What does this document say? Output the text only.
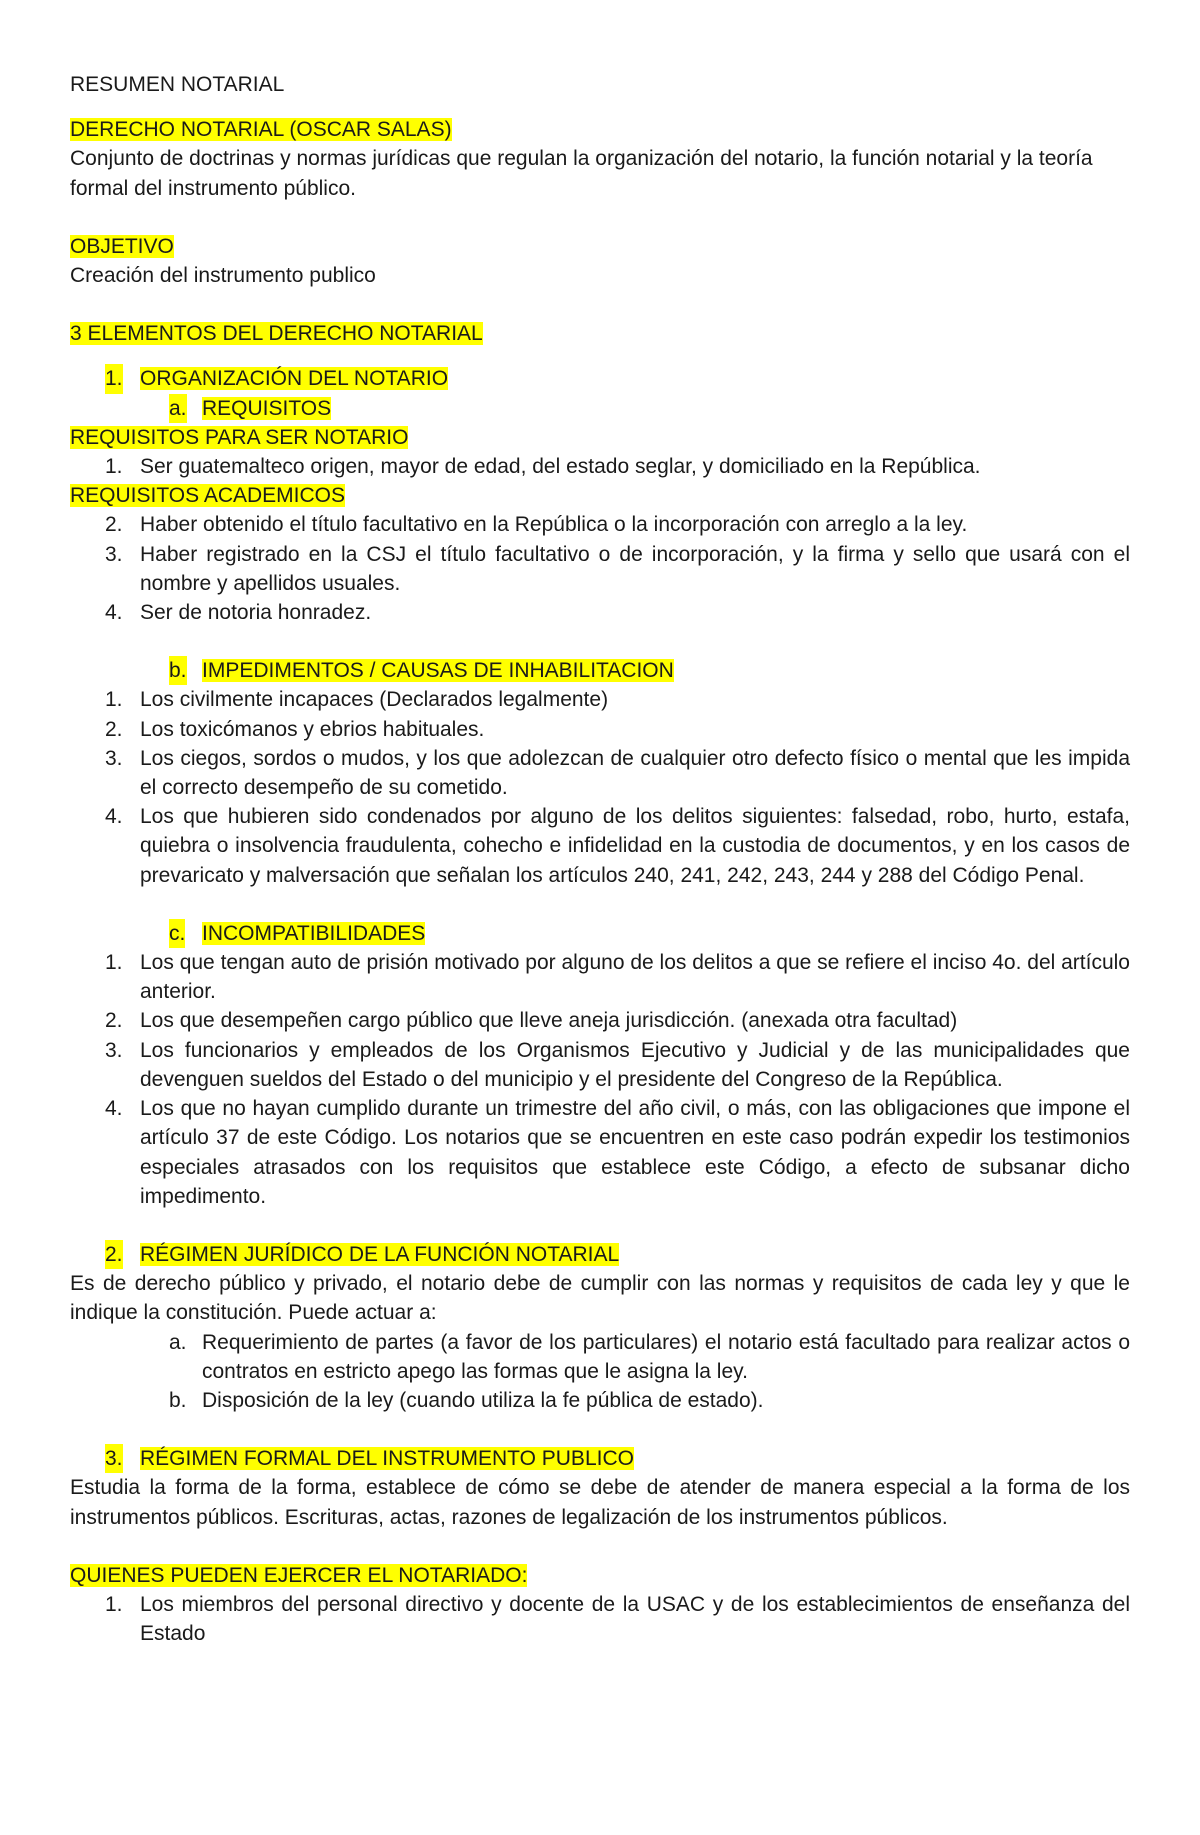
RESUMEN NOTARIAL

DERECHO NOTARIAL (OSCAR SALAS)

Conjunto de doctrinas y normas jurídicas que regulan la organización del notario, la función notarial y la teoría formal del instrumento público.

OBJETIVO

Creación del instrumento publico

3 ELEMENTOS DEL DERECHO NOTARIAL

1. ORGANIZACIÓN DEL NOTARIO

a. REQUISITOS

REQUISITOS PARA SER NOTARIO

1. Ser guatemalteco origen, mayor de edad, del estado seglar, y domiciliado en la República.

REQUISITOS ACADEMICOS

2. Haber obtenido el título facultativo en la República o la incorporación con arreglo a la ley.

3. Haber registrado en la CSJ el título facultativo o de incorporación, y la firma y sello que usará con el nombre y apellidos usuales.

4. Ser de notoria honradez.

b. IMPEDIMENTOS / CAUSAS DE INHABILITACION

1. Los civilmente incapaces (Declarados legalmente)

2. Los toxicómanos y ebrios habituales.

3. Los ciegos, sordos o mudos, y los que adolezcan de cualquier otro defecto físico o mental que les impida el correcto desempeño de su cometido.

4. Los que hubieren sido condenados por alguno de los delitos siguientes: falsedad, robo, hurto, estafa, quiebra o insolvencia fraudulenta, cohecho e infidelidad en la custodia de documentos, y en los casos de prevaricato y malversación que señalan los artículos 240, 241, 242, 243, 244 y 288 del Código Penal.

c. INCOMPATIBILIDADES

1. Los que tengan auto de prisión motivado por alguno de los delitos a que se refiere el inciso 4o. del artículo anterior.

2. Los que desempeñen cargo público que lleve aneja jurisdicción. (anexada otra facultad)

3. Los funcionarios y empleados de los Organismos Ejecutivo y Judicial y de las municipalidades que devenguen sueldos del Estado o del municipio y el presidente del Congreso de la República.

4. Los que no hayan cumplido durante un trimestre del año civil, o más, con las obligaciones que impone el artículo 37 de este Código. Los notarios que se encuentren en este caso podrán expedir los testimonios especiales atrasados con los requisitos que establece este Código, a efecto de subsanar dicho impedimento.

2. RÉGIMEN JURÍDICO DE LA FUNCIÓN NOTARIAL

Es de derecho público y privado, el notario debe de cumplir con las normas y requisitos de cada ley y que le indique la constitución. Puede actuar a:

a. Requerimiento de partes (a favor de los particulares) el notario está facultado para realizar actos o contratos en estricto apego las formas que le asigna la ley.

b. Disposición de la ley (cuando utiliza la fe pública de estado).

3. RÉGIMEN FORMAL DEL INSTRUMENTO PUBLICO

Estudia la forma de la forma, establece de cómo se debe de atender de manera especial a la forma de los instrumentos públicos. Escrituras, actas, razones de legalización de los instrumentos públicos.

QUIENES PUEDEN EJERCER EL NOTARIADO:

1. Los miembros del personal directivo y docente de la USAC y de los establecimientos de enseñanza del Estado
